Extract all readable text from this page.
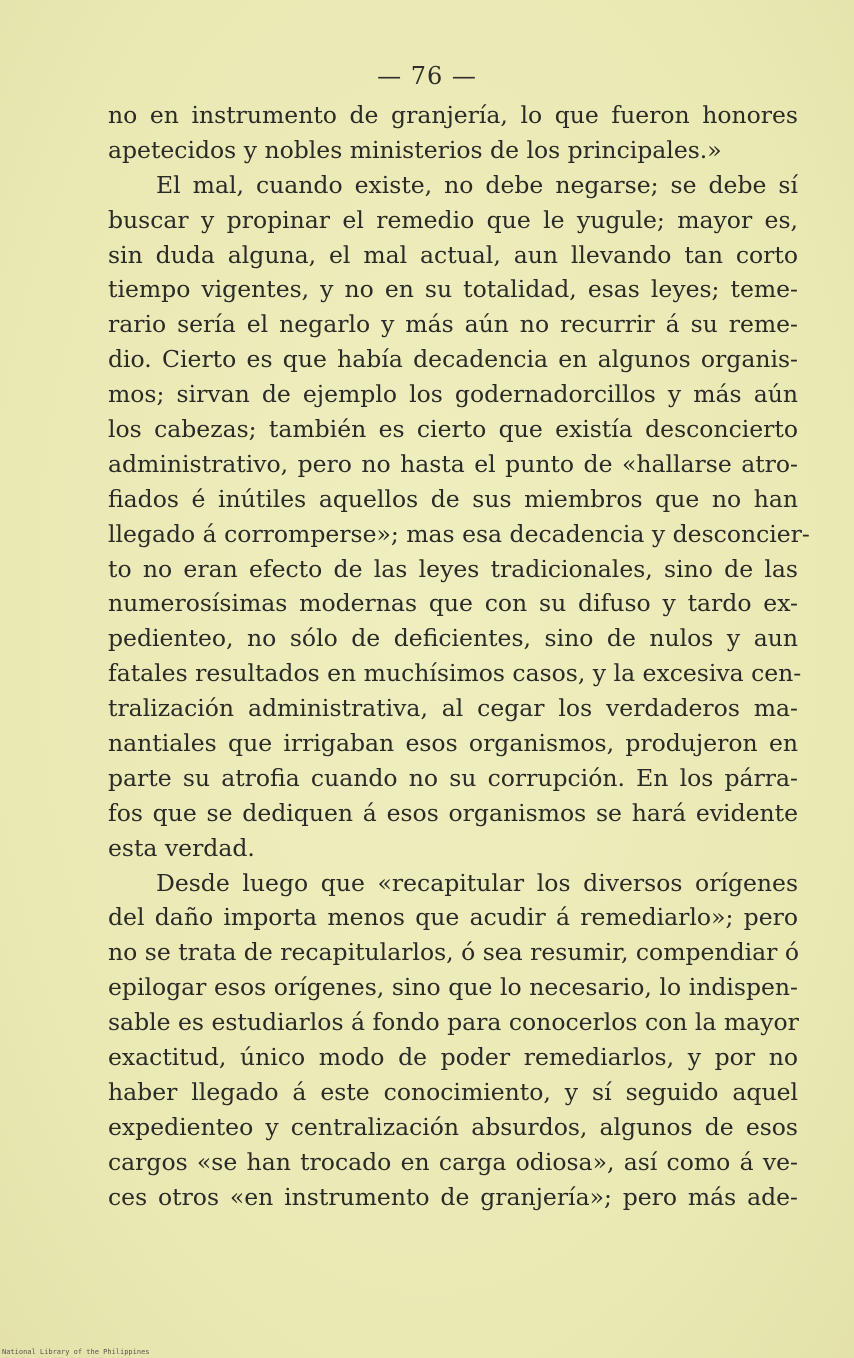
— 76 —
no en instrumento de granjería, lo que fueron honores
apetecidos y nobles ministerios de los principales.»
El mal, cuando existe, no debe negarse; se debe sí
buscar y propinar el remedio que le yugule; mayor es,
sin duda alguna, el mal actual, aun llevando tan corto
tiempo vigentes, y no en su totalidad, esas leyes; teme-
rario sería el negarlo y más aún no recurrir á su reme-
dio. Cierto es que había decadencia en algunos organis-
mos; sirvan de ejemplo los godernadorcillos y más aún
los cabezas; también es cierto que existía desconcierto
administrativo, pero no hasta el punto de «hallarse atro-
fiados é inútiles aquellos de sus miembros que no han
llegado á corromperse»; mas esa decadencia y desconcier-
to no eran efecto de las leyes tradicionales, sino de las
numerosísimas modernas que con su difuso y tardo ex-
pedienteo, no sólo de deficientes, sino de nulos y aun
fatales resultados en muchísimos casos, y la excesiva cen-
tralización administrativa, al cegar los verdaderos ma-
nantiales que irrigaban esos organismos, produjeron en
parte su atrofia cuando no su corrupción. En los párra-
fos que se dediquen á esos organismos se hará evidente
esta verdad.
Desde luego que «recapitular los diversos orígenes
del daño importa menos que acudir á remediarlo»; pero
no se trata de recapitularlos, ó sea resumir, compendiar ó
epilogar esos orígenes, sino que lo necesario, lo indispen-
sable es estudiarlos á fondo para conocerlos con la mayor
exactitud, único modo de poder remediarlos, y por no
haber llegado á este conocimiento, y sí seguido aquel
expedienteo y centralización absurdos, algunos de esos
cargos «se han trocado en carga odiosa», así como á ve-
ces otros «en instrumento de granjería»; pero más ade-
National Library of the Philippines
